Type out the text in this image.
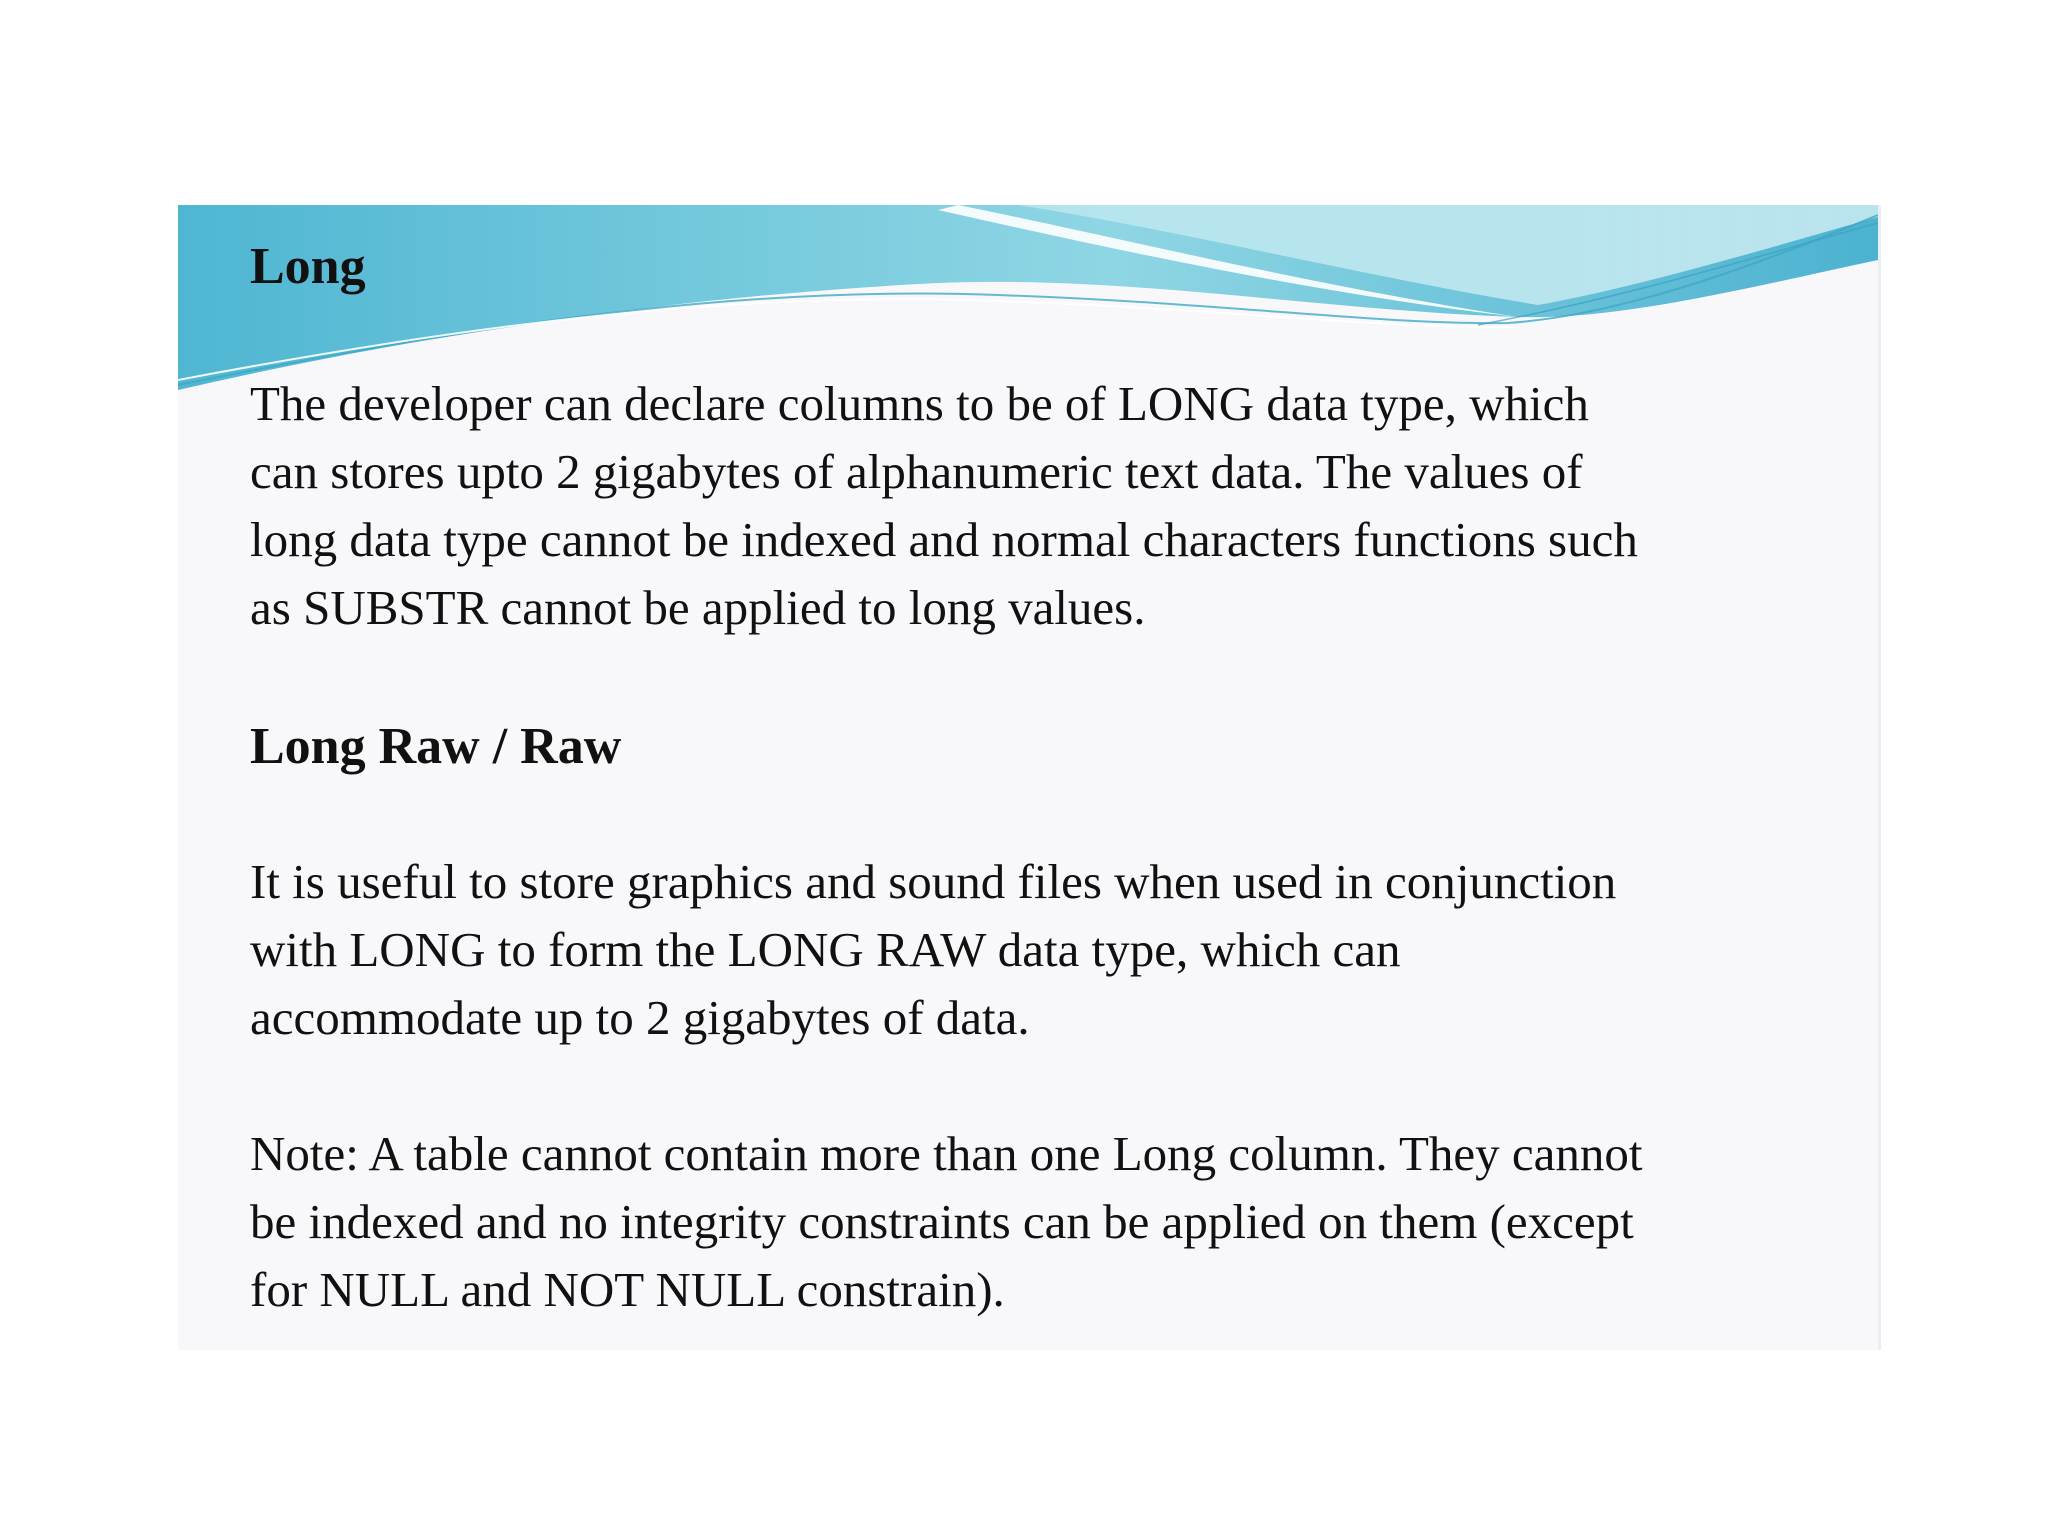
Long

The developer can declare columns to be of LONG data type, which
can stores upto 2 gigabytes of alphanumeric text data. The values of
long data type cannot be indexed and normal characters functions such
as SUBSTR cannot be applied to long values.

Long Raw / Raw

It is useful to store graphics and sound files when used in conjunction
with LONG to form the LONG RAW data type, which can
accommodate up to 2 gigabytes of data.

Note: A table cannot contain more than one Long column. They cannot
be indexed and no integrity constraints can be applied on them (except
for NULL and NOT NULL constrain).
